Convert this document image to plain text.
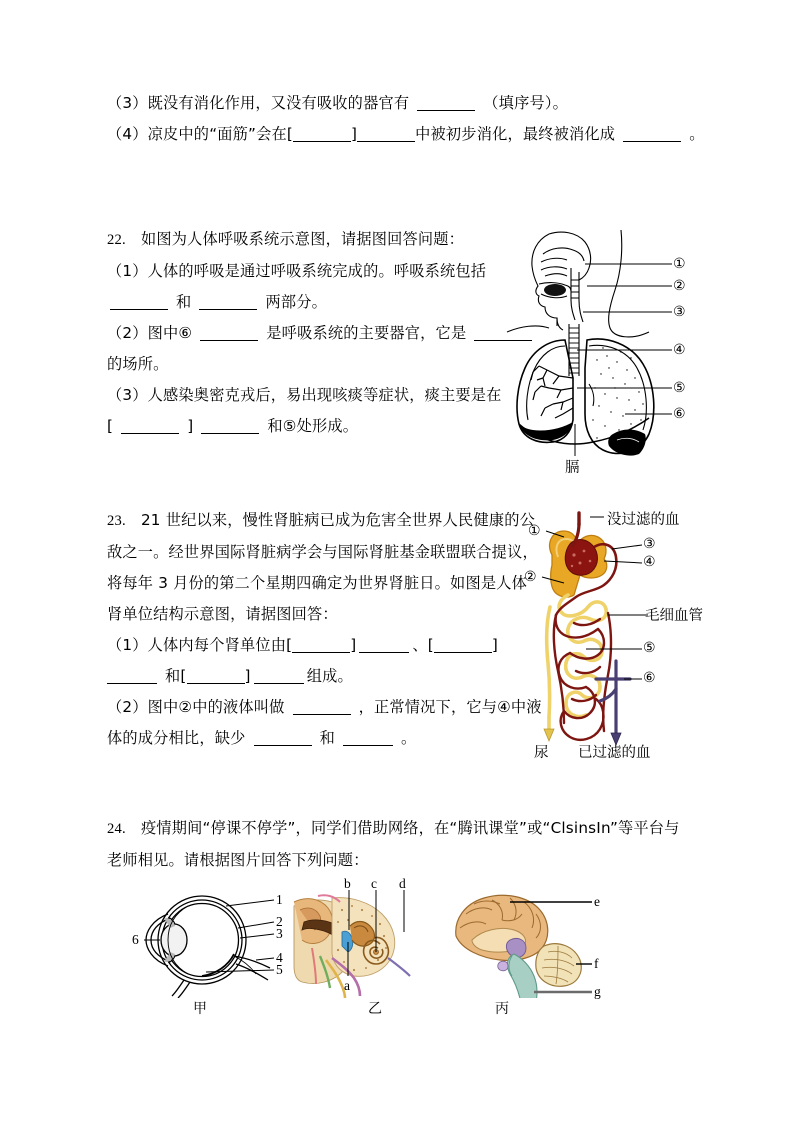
（3）既没有消化作用，又没有吸收的器官有	（填序号）。
（4）凉皮中的“面筋”会在[	]	中被初步消化，最终被消化成	。
22. 如图为人体呼吸系统示意图，请据图回答问题：
（1）人体的呼吸是通过呼吸系统完成的。呼吸系统包括
和	两部分。
（2）图中⑥	是呼吸系统的主要器官，它是
的场所。
（3）人感染奥密克戎后，易出现咳痰等症状，痰主要是在
[	]	和⑤处形成。
①
②
③
④
⑤
⑥
膈
23. 21 世纪以来，慢性肾脏病已成为危害全世界人民健康的公
敌之一。经世界国际肾脏病学会与国际肾脏基金联盟联合提议，
将每年 3 月份的第二个星期四确定为世界肾脏日。如图是人体
肾单位结构示意图，请据图回答：
（1）人体内每个肾单位由[	]	、[	]
和[	]	组成。
（2）图中②中的液体叫做	，正常情况下，它与④中液
体的成分相比，缺少	和	。
没过滤的血
①
②
③
④
毛细血管
⑤
⑥
尿 已过滤的血
24. 疫情期间“停课不停学”，同学们借助网络，在“腾讯课堂”或“ClsinsIn”等平台与
老师相见。请根据图片回答下列问题：
1
2
3
4
5
6
甲
a
b c d
乙
e
f
g
丙
